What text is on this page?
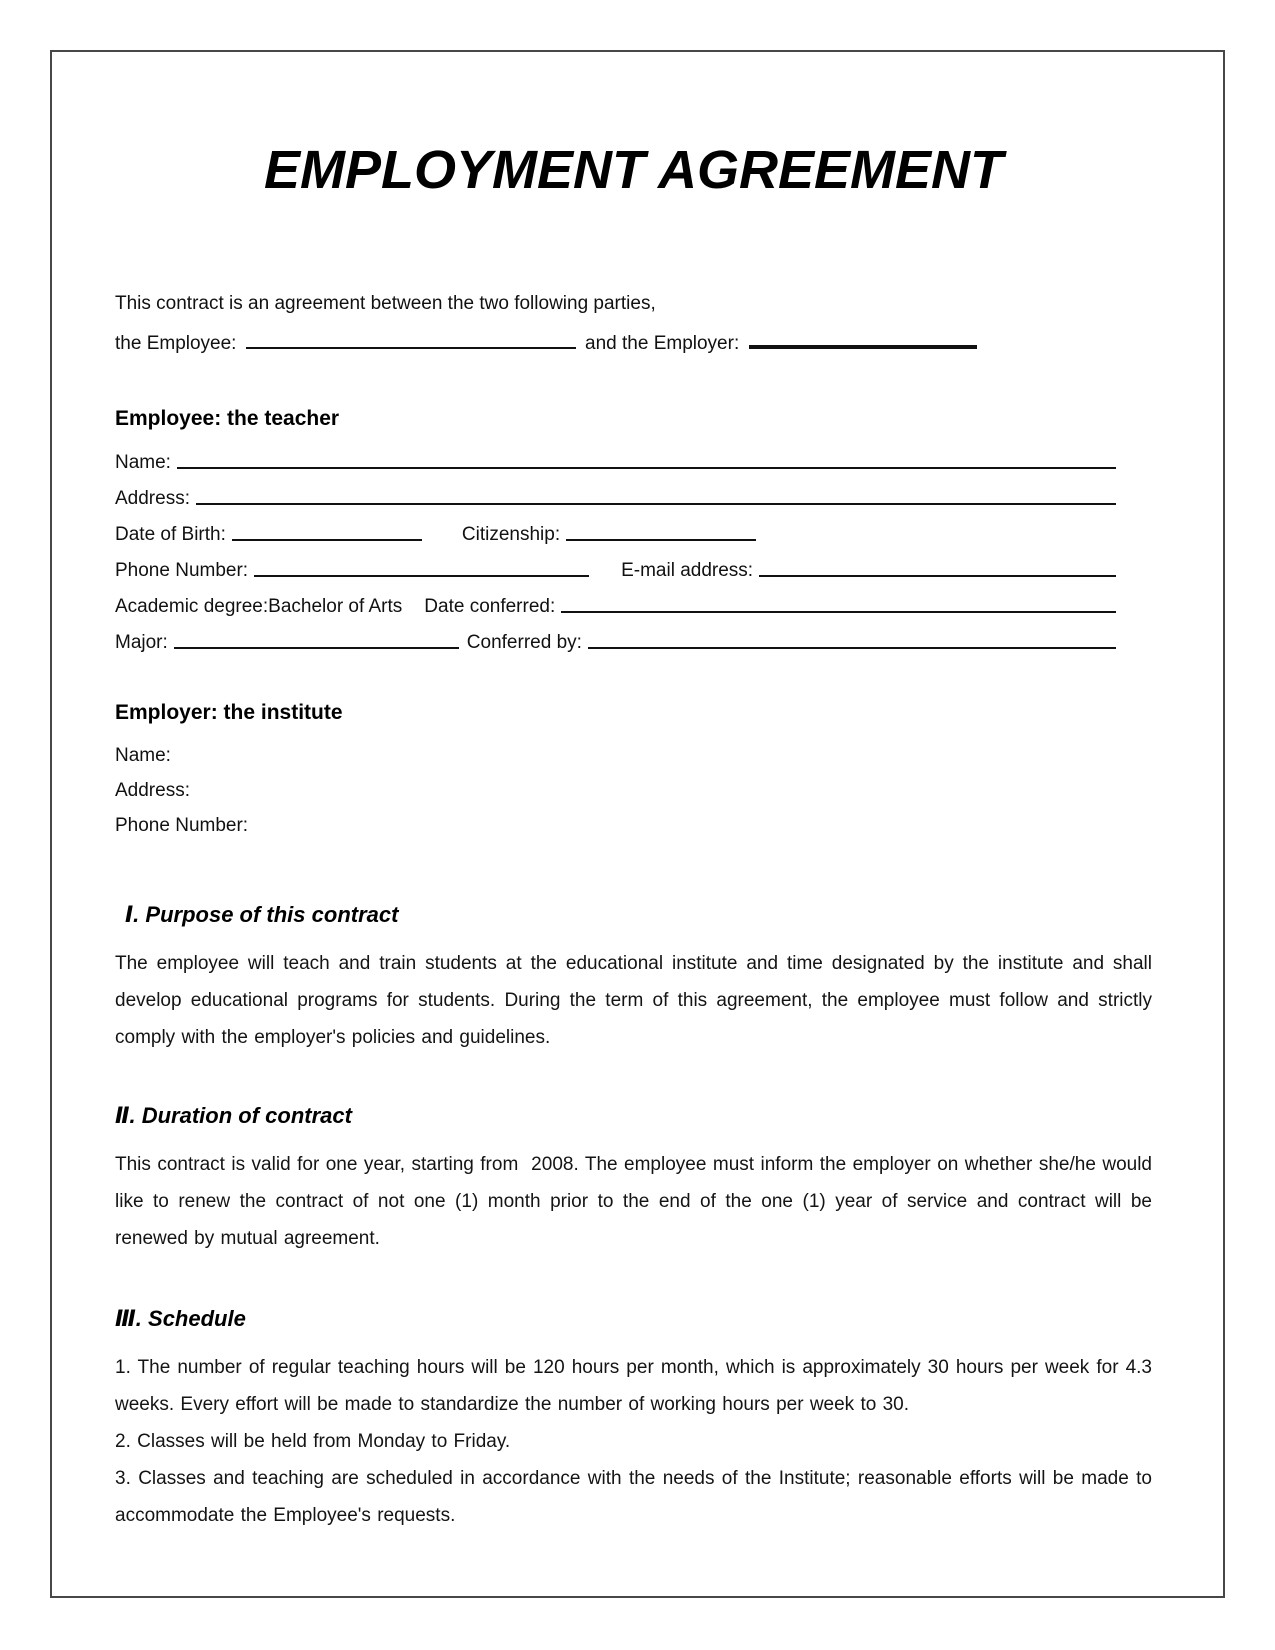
EMPLOYMENT AGREEMENT
This contract is an agreement between the two following parties,
the Employee:	and the Employer:
Employee: the teacher
Name:
Address:
Date of Birth:	Citizenship:
Phone Number:	E-mail address:
Academic degree: Bachelor of Arts Date conferred:
Major:	Conferred by:
Employer: the institute
Name:
Address:
Phone Number:
Ⅰ. Purpose of this contract

The employee will teach and train students at the educational institute and time designated by the institute and shall develop educational programs for students. During the term of this agreement, the employee must follow and strictly comply with the employer's policies and guidelines.

Ⅱ. Duration of contract

This contract is valid for one year, starting from  2008. The employee must inform the employer on whether she/he would like to renew the contract of not one (1) month prior to the end of the one (1) year of service and contract will be renewed by mutual agreement.

Ⅲ. Schedule

1. The number of regular teaching hours will be 120 hours per month, which is approximately 30 hours per week for 4.3 weeks. Every effort will be made to standardize the number of working hours per week to 30.

2. Classes will be held from Monday to Friday.

3. Classes and teaching are scheduled in accordance with the needs of the Institute; reasonable efforts will be made to accommodate the Employee's requests.
